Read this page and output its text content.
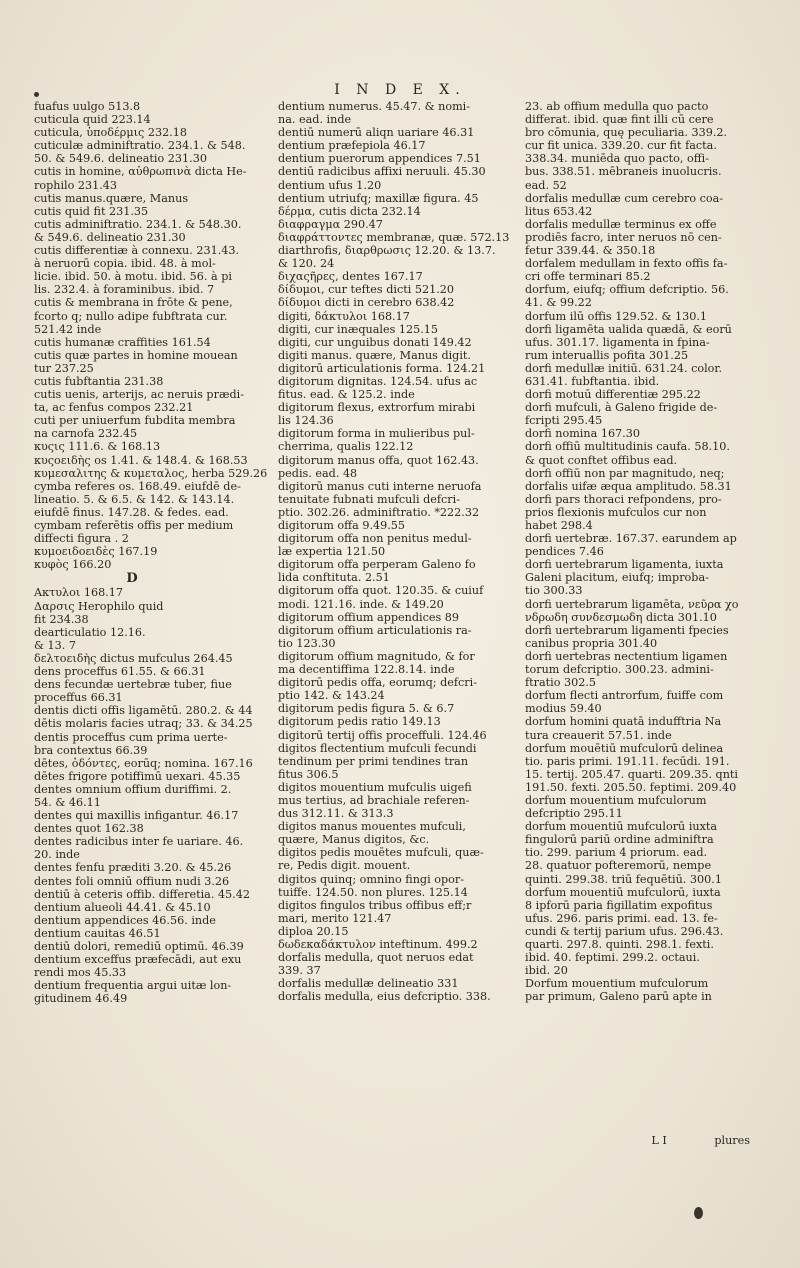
I N D E X.
fuafus uulgo 513.8
cuticula quid 223.14
cuticula, ὑποδέρμις 232.18
cuticulæ adminiftratio. 234.1. & 548.
50. & 549.6. delineatio 231.30
cutis in homine, αὐθρωπινὰ dicta He-
rophilo 231.43
cutis manus.quære, Manus
cutis quid fit 231.35
cutis adminiftratio. 234.1. & 548.30.
& 549.6. delineatio 231.30
cutis differentiæ à connexu. 231.43.
à neruorū copia. ibid. 48. à mol-
licie. ibid. 50. à motu. ibid. 56. à pi
lis. 232.4. à foraminibus. ibid. 7
cutis & membrana in frōte & pene,
fcorto q; nullo adipe fubftrata cur.
521.42 inde
cutis humanæ craffities 161.54
cutis quæ partes in homine mouean
tur 237.25
cutis fubftantia 231.38
cutis uenis, arterijs, ac neruis prædi-
ta, ac fenfus compos 232.21
cuti per uniuerfum fubdita membra
na carnofa 232.45
κυςις 111.6. & 168.13
κυςοειδὴς os 1.41. & 148.4. & 168.53
κυμεσαλιτης & κυμεταλος, herba 529.26
cymba referes os. 168.49. eiufdē de-
lineatio. 5. & 6.5. & 142. & 143.14.
eiufdē finus. 147.28. & fedes. ead.
cymbam referētis offis per medium
diffecti figura . 2
κυμοειδοειδὲς 167.19
κυφὸς 166.20
D
Ακτυλοι 168.17
Δαρσις Herophilo quid
fit 234.38
dearticulatio 12.16.
& 13. 7
δελτοειδὴς dictus mufculus 264.45
dens proceffus 61.55. & 66.31
dens fecundæ uertebræ tuber, fiue
proceffus 66.31
dentis dicti offis ligamētū. 280.2. & 44
dētis molaris facies utraq; 33. & 34.25
dentis proceffus cum prima uerte-
bra contextus 66.39
dētes, ὀδόντες, eorūq; nomina. 167.16
dētes frigore potiffimū uexari. 45.35
dentes omnium offium duriffimi. 2.
54. & 46.11
dentes qui maxillis infigantur. 46.17
dentes quot 162.38
dentes radicibus inter fe uariare. 46.
20. inde
dentes fenfu præditi 3.20. & 45.26
dentes foli omniū offium nudi 3.26
dentiū à ceteris offib. differetia. 45.42
dentium alueoli 44.41. & 45.10
dentium appendices 46.56. inde
dentium cauitas 46.51
dentiū dolori, remediū optimū. 46.39
dentium exceffus præfecādi, aut exu
rendi mos 45.33
dentium frequentia argui uitæ lon-
gitudinem 46.49
dentium numerus. 45.47. & nomi-
na. ead. inde
dentiū numerū aliqn uariare 46.31
dentium præfepiola 46.17
dentium puerorum appendices 7.51
dentiū radicibus affixi neruuli. 45.30
dentium ufus 1.20
dentium utriufq; maxillæ figura. 45
δέρμα, cutis dicta 232.14
διαφραγμα 290.47
διαφράττοντες membranæ, quæ. 572.13
diarthrofis, διαρθρωσις 12.20. & 13.7.
& 120. 24
διχαςῆρες, dentes 167.17
δίδυμοι, cur teftes dicti 521.20
δίδυμοι dicti in cerebro 638.42
digiti, δάκτυλοι 168.17
digiti, cur inæquales 125.15
digiti, cur unguibus donati 149.42
digiti manus. quære, Manus digit.
digitorū articulationis forma. 124.21
digitorum dignitas. 124.54. ufus ac
fitus. ead. & 125.2. inde
digitorum flexus, extrorfum mirabi
lis 124.36
digitorum forma in mulieribus pul-
cherrima, qualis 122.12
digitorum manus offa, quot 162.43.
pedis. ead. 48
digitorū manus cuti interne neruofa
tenuitate fubnati mufculi defcri-
ptio. 302.26. adminiftratio. *222.32
digitorum offa 9.49.55
digitorum offa non penitus medul-
læ expertia 121.50
digitorum offa perperam Galeno fo
lida conftituta. 2.51
digitorum offa quot. 120.35. & cuiuf
modi. 121.16. inde. & 149.20
digitorum offium appendices 89
digitorum offium articulationis ra-
tio 123.30
digitorum offium magnitudo, & for
ma decentiffima 122.8.14. inde
digitorū pedis offa, eorumq; defcri-
ptio 142. & 143.24
digitorum pedis figura 5. & 6.7
digitorum pedis ratio 149.13
digitorū tertij offis proceffuli. 124.46
digitos flectentium mufculi fecundi
tendinum per primi tendines tran
fitus 306.5
digitos mouentium mufculis uigefi
mus tertius, ad brachiale referen-
dus 312.11. & 313.3
digitos manus mouentes mufculi,
quære, Manus digitos, &c.
digitos pedis mouētes mufculi, quæ-
re, Pedis digit. mouent.
digitos quinq; omnino fingi opor-
tuiffe. 124.50. non plures. 125.14
digitos fingulos tribus offibus eff;r
mari, merito 121.47
diploa 20.15
δωδεκαδάκτυλον inteftinum. 499.2
dorfalis medulla, quot neruos edat
339. 37
dorfalis medullæ delineatio 331
dorfalis medulla, eius defcriptio. 338.
23. ab offium medulla quo pacto
differat. ibid. quæ fint illi cū cere
bro cōmunia, quę peculiaria. 339.2.
cur fit unica. 339.20. cur fit facta.
338.34. muniēda quo pacto, offi-
bus. 338.51. mēbraneis inuolucris.
ead. 52
dorfalis medullæ cum cerebro coa-
litus 653.42
dorfalis medullæ terminus ex offe
prodiēs facro, inter neruos nō cen-
fetur 339.44. & 350.18
dorfalem medullam in fexto offis fa-
cri offe terminari 85.2
dorfum, eiufq; offium defcriptio. 56.
41. & 99.22
dorfum ilū offis 129.52. & 130.1
dorfi ligamēta ualida quædā, & eorū
ufus. 301.17. ligamenta in fpina-
rum interuallis pofita 301.25
dorfi medullæ initiū. 631.24. color.
631.41. fubftantia. ibid.
dorfi motuū differentiæ 295.22
dorfi mufculi, à Galeno frigide de-
fcripti 295.45
dorfi nomina 167.30
dorfi offiū multitudinis caufa. 58.10.
& quot conftet offibus ead.
dorfi offiū non par magnitudo, neq;
dorfalis uifæ æqua amplitudo. 58.31
dorfi pars thoraci refpondens, pro-
prios flexionis mufculos cur non
habet 298.4
dorfi uertebræ. 167.37. earundem ap
pendices 7.46
dorfi uertebrarum ligamenta, iuxta
Galeni placitum, eiufq; improba-
tio 300.33
dorfi uertebrarum ligamēta, νεῦρα χο
νδρωδη συνδεσμωδη dicta 301.10
dorfi uertebrarum ligamenti fpecies
canibus propria 301.40
dorfi uertebras nectentium ligamen
torum defcriptio. 300.23. admini-
ftratio 302.5
dorfum flecti antrorfum, fuiffe com
modius 59.40
dorfum homini quatā indufftria Na
tura creauerit 57.51. inde
dorfum mouētiū mufculorū delinea
tio. paris primi. 191.11. fecūdi. 191.
15. tertij. 205.47. quarti. 209.35. qnti
191.50. fexti. 205.50. feptimi. 209.40
dorfum mouentium mufculorum
defcriptio 295.11
dorfum mouentiū mufculorū iuxta
fingulorū pariū ordine adminiftra
tio. 299. parium 4 priorum. ead.
28. quatuor pofteremorū, nempe
quinti. 299.38. triū fequētiū. 300.1
dorfum mouentiū mufculorū, iuxta
8 ipforū paria figillatim expofitus
ufus. 296. paris primi. ead. 13. fe-
cundi & tertij parium ufus. 296.43.
quarti. 297.8. quinti. 298.1. fexti.
ibid. 40. feptimi. 299.2. octaui.
ibid. 20
Dorfum mouentium mufculorum
par primum, Galeno parū apte in
L I	plures
